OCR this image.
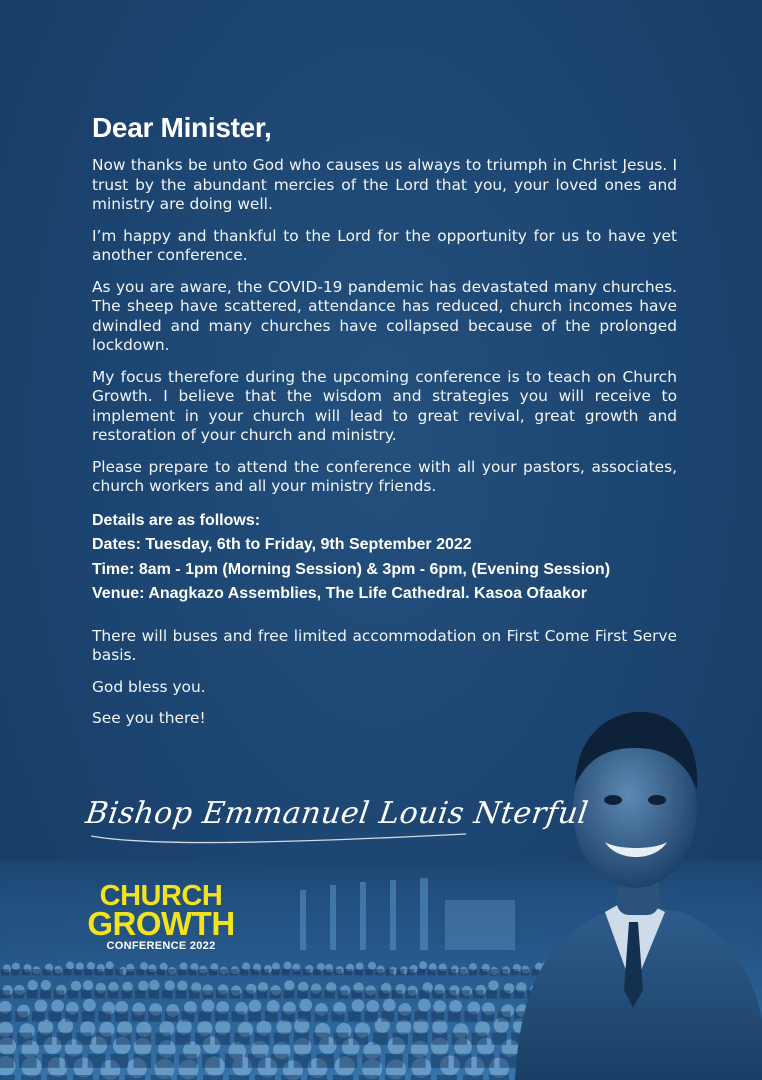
Dear Minister,

Now thanks be unto God who causes us always to triumph in Christ Jesus. I trust by the abundant mercies of the Lord that you, your loved ones and ministry are doing well.

I’m happy and thankful to the Lord for the opportunity for us to have yet another conference.

As you are aware, the COVID-19 pandemic has devastated many churches. The sheep have scattered, attendance has reduced, church incomes have dwindled and many churches have collapsed because of the prolonged lockdown.

My focus therefore during the upcoming conference is to teach on Church Growth. I believe that the wisdom and strategies you will receive to implement in your church will lead to great revival, great growth and restoration of your church and ministry.

Please prepare to attend the conference with all your pastors, associates, church workers and all your ministry friends.

Details are as follows:
Dates: Tuesday, 6th to Friday, 9th September 2022
Time: 8am - 1pm (Morning Session) & 3pm - 6pm, (Evening Session)
Venue: Anagkazo Assemblies, The Life Cathedral. Kasoa Ofaakor

There will buses and free limited accommodation on First Come First Serve basis.

God bless you.

See you there!

Bishop Emmanuel Louis Nterful
CHURCH
GROWTH
CONFERENCE 2022
